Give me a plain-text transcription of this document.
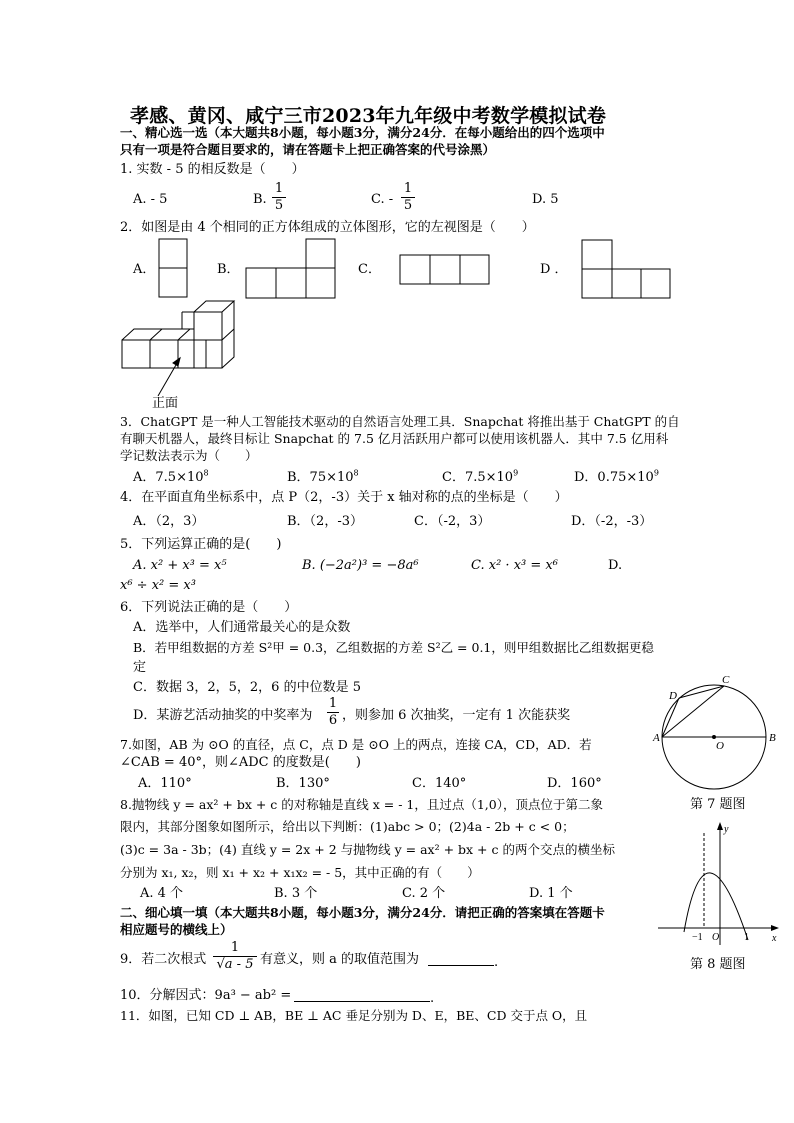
孝感、黄冈、咸宁三市2023年九年级中考数学模拟试卷
一、精心选一选（本大题共8小题，每小题3分，满分24分．在每小题给出的四个选项中
只有一项是符合题目要求的，请在答题卡上把正确答案的代号涂黑）
1. 实数 - 5 的相反数是（　　）
A. - 5	B.
1
5	C. -
1
5	D. 5
2．如图是由 4 个相同的正方体组成的立体图形，它的左视图是（　　）
A．	B．	C．	D ．
正面
3．ChatGPT 是一种人工智能技术驱动的自然语言处理工具．Snapchat 将推出基于 ChatGPT 的自
有聊天机器人，最终目标让 Snapchat 的 7.5 亿月活跃用户都可以使用该机器人．其中 7.5 亿用科
学记数法表示为（　　）
A．$7.5\times 10^8$	B．$75\times 10^8$	C．$7.5\times 10^9$	D．$0.75\times 10^9$
4．在平面直角坐标系中，点 P（2，-3）关于 x 轴对称的点的坐标是（　　）
A．（2，3）	B．（2，-3）	C．（-2，3）	D．（-2，-3）
5．下列运算正确的是(　　)
A. x² + x³ = x⁵	B. (−2a²)³ = −8a⁶	C. x² · x³ = x⁶	D.
x⁶ ÷ x² = x³
6．下列说法正确的是（　　）
A．选举中，人们通常最关心的是众数
B．若甲组数据的方差 S²甲 = 0.3，乙组数据的方差 S²乙 = 0.1，则甲组数据比乙组数据更稳
定
C．数据 3，2，5，2，6 的中位数是 5
D．某游艺活动抽奖的中奖率为
1
6 ，则参加 6 次抽奖，一定有 1 次能获奖
7.如图，AB 为 ⊙O 的直径，点 C，点 D 是 ⊙O 上的两点，连接 CA，CD，AD．若
∠CAB = 40°，则∠ADC 的度数是(　　)
A．110°	B．130°	C．140°	D．160°
A	B
C
D
O
第 7 题图
8.抛物线 y = ax² + bx + c 的对称轴是直线 x = - 1，且过点（1,0），顶点位于第二象
限内，其部分图象如图所示，给出以下判断：(1)abc > 0；(2)4a - 2b + c < 0；
(3)c = 3a - 3b；(4) 直线 y = 2x + 2 与抛物线 y = ax² + bx + c 的两个交点的横坐标
分别为 x₁, x₂，则 x₁ + x₂ + x₁x₂ = - 5，其中正确的有（　　）
A. 4 个	B. 3 个	C. 2 个	D. 1 个
y
x
−1 O 1
第 8 题图
二、细心填一填（本大题共8小题，每小题3分，满分24分．请把正确的答案填在答题卡
相应题号的横线上）
9．若二次根式
1
√a - 5 有意义，则 a 的取值范围为	.
10．分解因式：9a³ − ab² =	.
11．如图，已知 CD ⊥ AB，BE ⊥ AC 垂足分别为 D、E，BE、CD 交于点 O，且
